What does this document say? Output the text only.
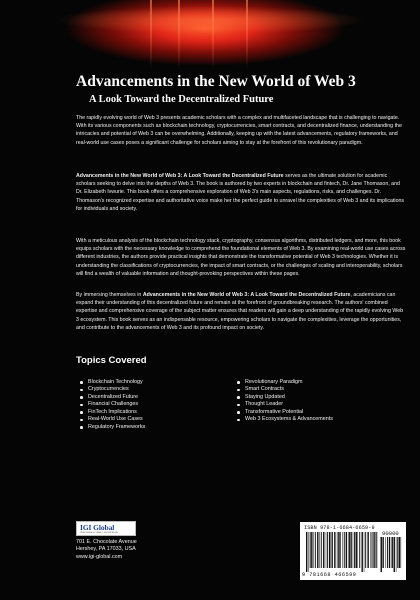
Advancements in the New World of Web 3
A Look Toward the Decentralized Future

The rapidly evolving world of Web 3 presents academic scholars with a complex and multifaceted landscape that is challenging to navigate. With its various components such as blockchain technology, cryptocurrencies, smart contracts, and decentralized finance, understanding the intricacies and potential of Web 3 can be overwhelming. Additionally, keeping up with the latest advancements, regulatory frameworks, and real-world use cases poses a significant challenge for scholars aiming to stay at the forefront of this revolutionary paradigm.

Advancements in the New World of Web 3: A Look Toward the Decentralized Future serves as the ultimate solution for academic scholars seeking to delve into the depths of Web 3. The book is authored by two experts in blockchain and fintech, Dr. Jane Thomason, and Dr. Elizabeth Ivwurie. This book offers a comprehensive exploration of Web 3's main aspects, regulations, risks, and challenges. Dr. Thomason's recognized expertise and authoritative voice make her the perfect guide to unravel the complexities of Web 3 and its implications for individuals and society.

With a meticulous analysis of the blockchain technology stack, cryptography, consensus algorithms, distributed ledgers, and more, this book equips scholars with the necessary knowledge to comprehend the foundational elements of Web 3. By examining real-world use cases across different industries, the authors provide practical insights that demonstrate the transformative potential of Web 3 technologies. Whether it is understanding the classifications of cryptocurrencies, the impact of smart contracts, or the challenges of scaling and interoperability, scholars will find a wealth of valuable information and thought-provoking perspectives within these pages.

By immersing themselves in Advancements in the New World of Web 3: A Look Toward the Decentralized Future, academicians can expand their understanding of this decentralized future and remain at the forefront of groundbreaking research. The authors' combined expertise and comprehensive coverage of the subject matter ensures that readers will gain a deep understanding of the rapidly evolving Web 3 ecosystem. This book serves as an indispensable resource, empowering scholars to navigate the complexities, leverage the opportunities, and contribute to the advancements of Web 3 and its profound impact on society.

Topics Covered
Blockchain Technology
Cryptocurrencies
Decentralized Future
Financial Challenges
FinTech Implications
Real-World Use Cases
Regulatory Frameworks
Revolutionary Paradigm
Smart Contracts
Staying Updated
Thought Leader
Transformative Potential
Web 3 Ecosystems & Advancements
IGI Global
PUBLISHER of TIMELY KNOWLEDGE
701 E. Chocolate Avenue
Hershey, PA 17033, USA
www.igi-global.com
ISBN 978-1-6684-6659-9
90000
9 781668 466599
